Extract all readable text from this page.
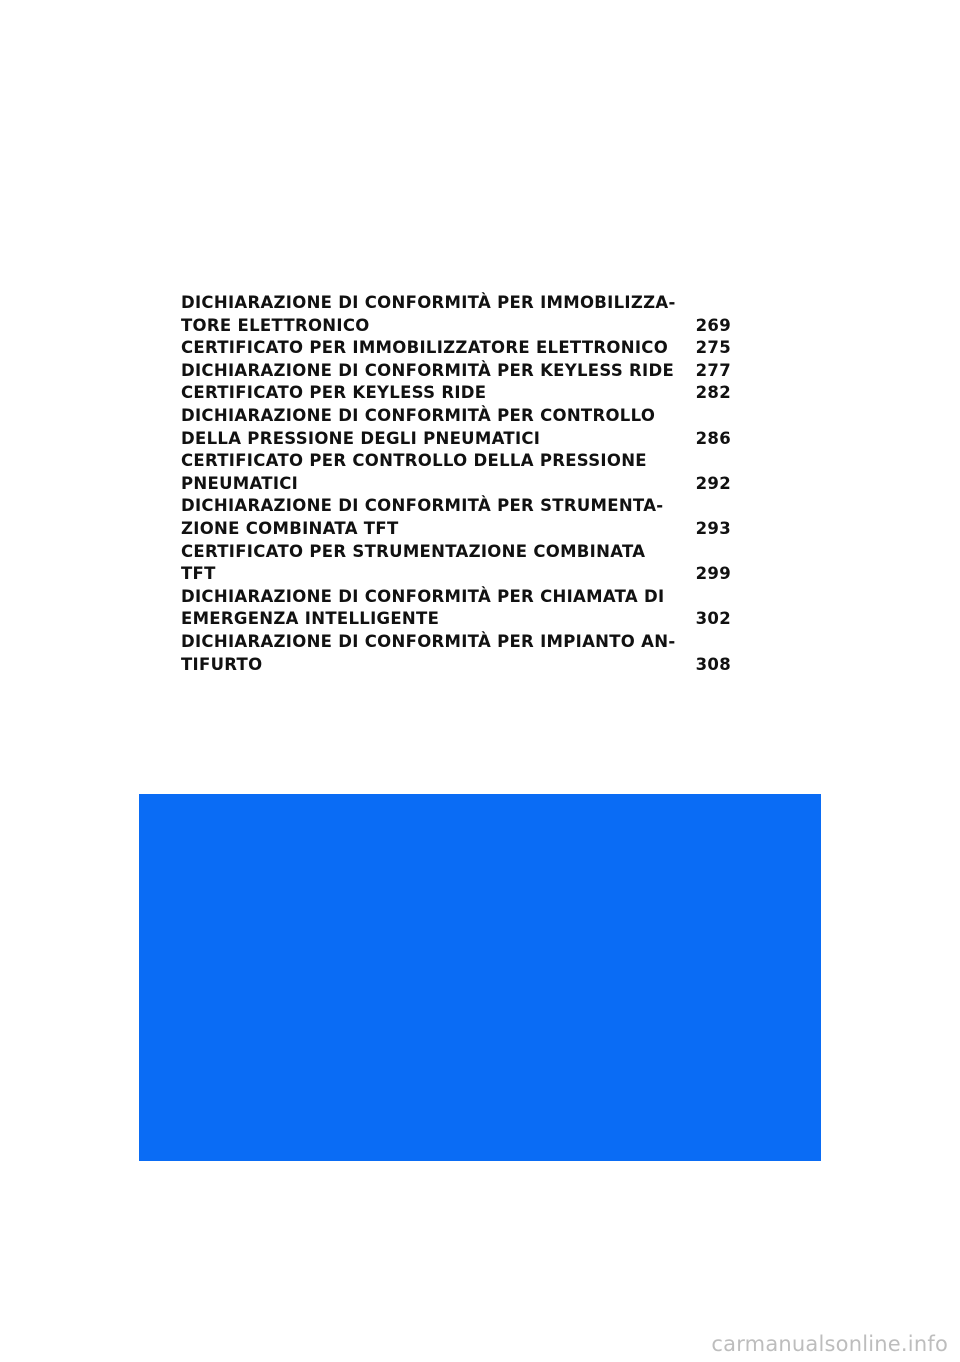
DICHIARAZIONE DI CONFORMITÀ PER IMMOBILIZZA-
TORE ELETTRONICO	269
CERTIFICATO PER IMMOBILIZZATORE ELETTRONICO	275
DICHIARAZIONE DI CONFORMITÀ PER KEYLESS RIDE	277
CERTIFICATO PER KEYLESS RIDE	282
DICHIARAZIONE DI CONFORMITÀ PER CONTROLLO
DELLA PRESSIONE DEGLI PNEUMATICI	286
CERTIFICATO PER CONTROLLO DELLA PRESSIONE
PNEUMATICI	292
DICHIARAZIONE DI CONFORMITÀ PER STRUMENTA-
ZIONE COMBINATA TFT	293
CERTIFICATO PER STRUMENTAZIONE COMBINATA
TFT	299
DICHIARAZIONE DI CONFORMITÀ PER CHIAMATA DI
EMERGENZA INTELLIGENTE	302
DICHIARAZIONE DI CONFORMITÀ PER IMPIANTO AN-
TIFURTO	308
carmanualsonline.info
